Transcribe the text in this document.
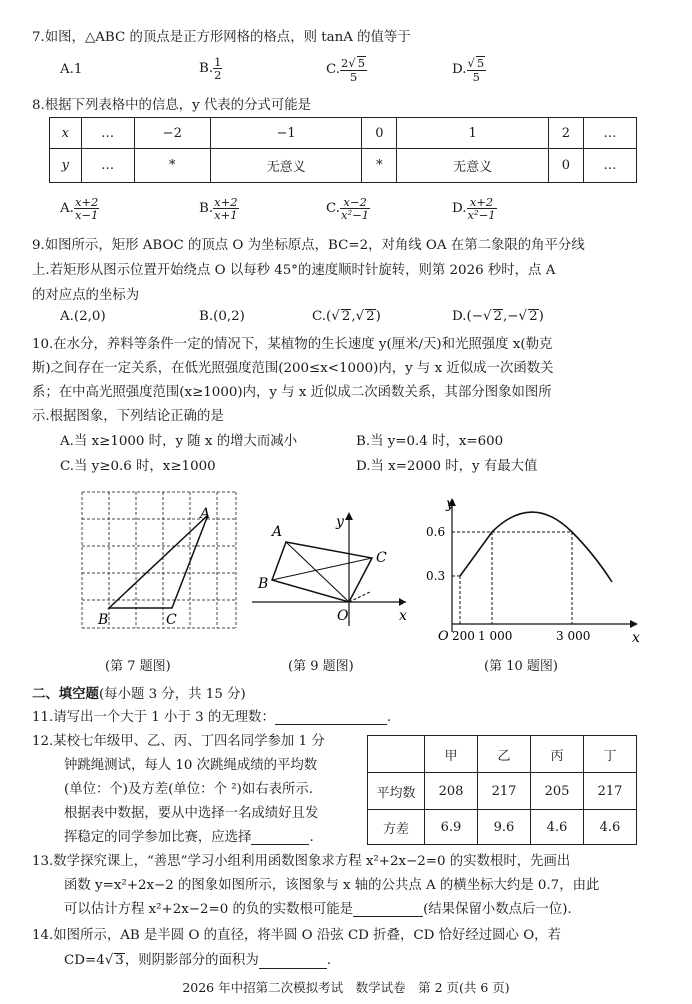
7.如图，△ABC 的顶点是正方形网格的格点，则 tanA 的值等于
A.1	B. $\frac{1}{2}$	C. $\frac{2√ 5}{5}$	D. $\frac{√ 5}{5}$
8.根据下列表格中的信息，y 代表的分式可能是
x	…	−2	−1	0	1	2	…
y	…	*	无意义	*	无意义	0	…
A. $\frac{x+2}{x-1}$	B. $\frac{x+2}{x+1}$	C. $\frac{x-2}{\text{x²−1}}$	D. $\frac{x+2}{\text{x²−1}}$
9.如图所示，矩形 ABOC 的顶点 O 为坐标原点，BC=2，对角线 OA 在第二象限的角平分线
上.若矩形从图示位置开始绕点 O 以每秒 45°的速度顺时针旋转，则第 2026 秒时，点 A
的对应点的坐标为
A.(2,0)	B.(0,2)	C.(√ 2,√ 2)	D.(−√ 2,−√ 2)
10.在水分，养料等条件一定的情况下，某植物的生长速度 y(厘米/天)和光照强度 x(勒克
斯)之间存在一定关系，在低光照强度范围(200≤x<1000)内，y 与 x 近似成一次函数关
系；在中高光照强度范围(x≥1000)内，y 与 x 近似成二次函数关系，其部分图象如图所
示.根据图象，下列结论正确的是
A.当 x≥1000 时，y 随 x 的增大而减小	B.当 y=0.4 时，x=600
C.当 y≥0.6 时，x≥1000	D.当 x=2000 时，y 有最大值
A
B	C
(第 7 题图)
A
B
C
O	x
y
(第 9 题图)
y
x
O
0.6
0.3
200 1 000	3 000
(第 10 题图)
二、填空题(每小题 3 分，共 15 分)
11.请写出一个大于 1 小于 3 的无理数：	.
12.某校七年级甲、乙、丙、丁四名同学参加 1 分
钟跳绳测试，每人 10 次跳绳成绩的平均数
(单位：个)及方差(单位：个 ²)如右表所示.
根据表中数据，要从中选择一名成绩好且发
挥稳定的同学参加比赛，应选择	.
	甲	乙	丙	丁
平均数	208	217	205	217
方差	6.9	9.6	4.6	4.6
13.数学探究课上，“善思”学习小组利用函数图象求方程 x²+2x−2=0 的实数根时，先画出
函数 y=x²+2x−2 的图象如图所示，该图象与 x 轴的公共点 A 的横坐标大约是 0.7，由此
可以估计方程 x²+2x−2=0 的负的实数根可能是	(结果保留小数点后一位).
14.如图所示，AB 是半圆 O 的直径，将半圆 O 沿弦 CD 折叠，CD 恰好经过圆心 O，若
CD=4√ 3，则阴影部分的面积为	.
2026 年中招第二次模拟考试　数学试卷　第 2 页(共 6 页)
